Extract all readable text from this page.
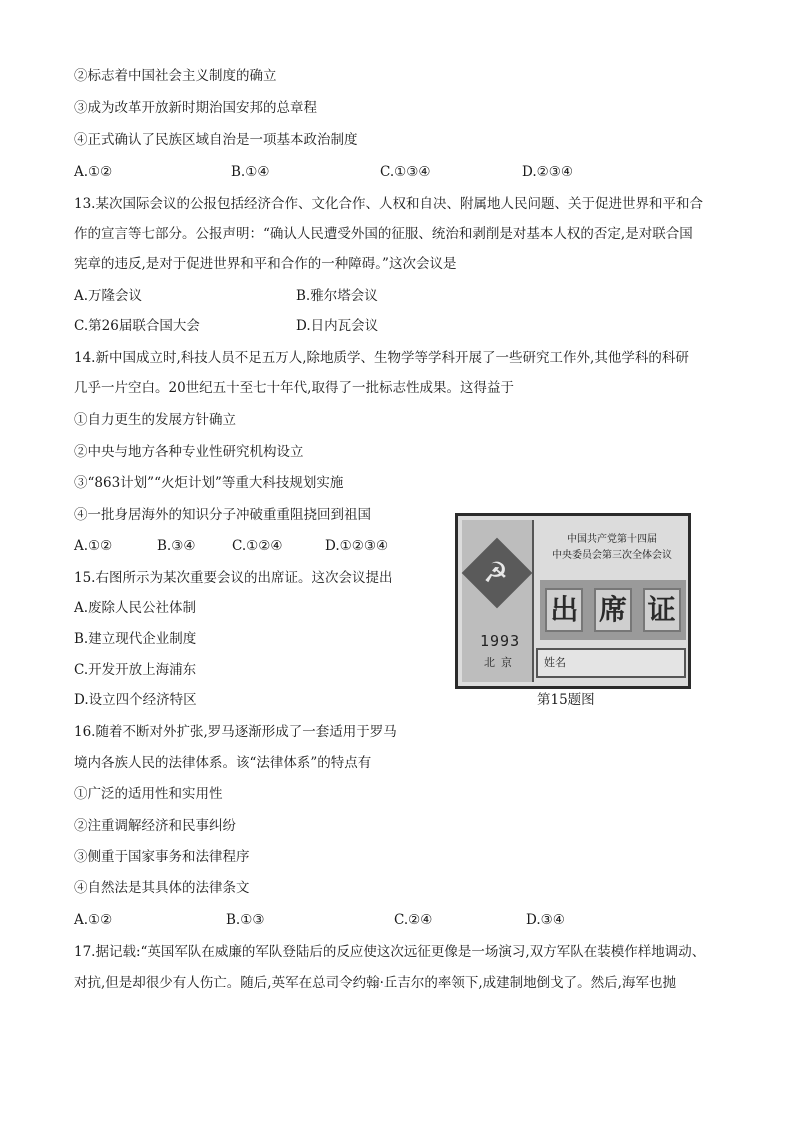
②标志着中国社会主义制度的确立
③成为改革开放新时期治国安邦的总章程
④正式确认了民族区域自治是一项基本政治制度
A.①②	B.①④	C.①③④	D.②③④
13.某次国际会议的公报包括经济合作、文化合作、人权和自决、附属地人民问题、关于促进世界和平和合
作的宣言等七部分。公报声明：“确认人民遭受外国的征服、统治和剥削是对基本人权的否定,是对联合国
宪章的违反,是对于促进世界和平和合作的一种障碍。”这次会议是
A.万隆会议	B.雅尔塔会议
C.第26届联合国大会	D.日内瓦会议
14.新中国成立时,科技人员不足五万人,除地质学、生物学等学科开展了一些研究工作外,其他学科的科研
几乎一片空白。20世纪五十至七十年代,取得了一批标志性成果。这得益于
①自力更生的发展方针确立
②中央与地方各种专业性研究机构设立
③“863计划”“火炬计划”等重大科技规划实施
④一批身居海外的知识分子冲破重重阻挠回到祖国
A.①②	B.③④	C.①②④	D.①②③④
15.右图所示为某次重要会议的出席证。这次会议提出
A.废除人民公社体制
B.建立现代企业制度
C.开发开放上海浦东
D.设立四个经济特区
☭
1993
北京
中国共产党第十四届
中央委员会第三次全体会议
出 席 证
姓名
第15题图
16.随着不断对外扩张,罗马逐渐形成了一套适用于罗马
境内各族人民的法律体系。该“法律体系”的特点有
①广泛的适用性和实用性
②注重调解经济和民事纠纷
③侧重于国家事务和法律程序
④自然法是其具体的法律条文
A.①②	B.①③	C.②④	D.③④
17.据记载:“英国军队在威廉的军队登陆后的反应使这次远征更像是一场演习,双方军队在装模作样地调动、
对抗,但是却很少有人伤亡。随后,英军在总司令约翰·丘吉尔的率领下,成建制地倒戈了。然后,海军也抛
